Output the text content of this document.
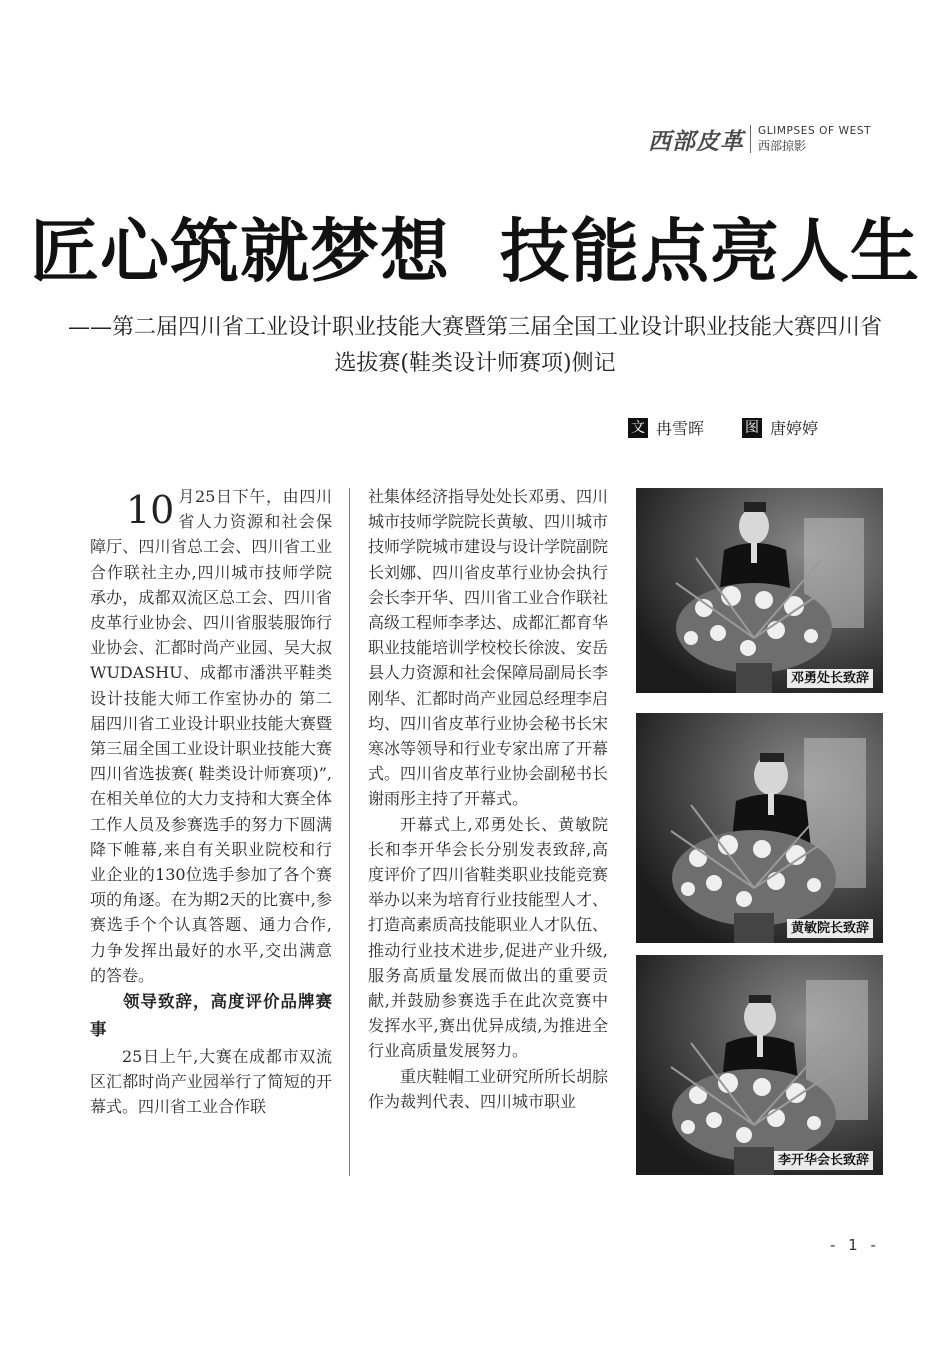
西部皮革 GLIMPSES OF WEST
西部掠影
匠心筑就梦想  技能点亮人生
——第二届四川省工业设计职业技能大赛暨第三届全国工业设计职业技能大赛四川省选拔赛(鞋类设计师赛项)侧记
文 冉雪晖	图 唐婷婷

10 月25日下午，由四川省人力资源和社会保障厅、四川省总工会、四川省工业合作联社主办,四川城市技师学院承办，成都双流区总工会、四川省皮革行业协会、四川省服装服饰行业协会、汇都时尚产业园、吴大叔WUDASHU、成都市潘洪平鞋类设计技能大师工作室协办的 第二届四川省工业设计职业技能大赛暨第三届全国工业设计职业技能大赛四川省选拔赛( 鞋类设计师赛项)”,在相关单位的大力支持和大赛全体工作人员及参赛选手的努力下圆满降下帷幕,来自有关职业院校和行业企业的130位选手参加了各个赛项的角逐。在为期2天的比赛中,参赛选手个个认真答题、通力合作,力争发挥出最好的水平,交出满意的答卷。

领导致辞，高度评价品牌赛事

25日上午,大赛在成都市双流区汇都时尚产业园举行了简短的开幕式。四川省工业合作联

社集体经济指导处处长邓勇、四川城市技师学院院长黄敏、四川城市技师学院城市建设与设计学院副院长刘娜、四川省皮革行业协会执行会长李开华、四川省工业合作联社高级工程师李孝达、成都汇都育华职业技能培训学校校长徐波、安岳县人力资源和社会保障局副局长李刚华、汇都时尚产业园总经理李启均、四川省皮革行业协会秘书长宋寒冰等领导和行业专家出席了开幕式。四川省皮革行业协会副秘书长谢雨彤主持了开幕式。

开幕式上,邓勇处长、黄敏院长和李开华会长分别发表致辞,高度评价了四川省鞋类职业技能竞赛举办以来为培育行业技能型人才、打造高素质高技能职业人才队伍、推动行业技术进步,促进产业升级,服务高质量发展而做出的重要贡献,并鼓励参赛选手在此次竞赛中发挥水平,赛出优异成绩,为推进全行业高质量发展努力。

重庆鞋帽工业研究所所长胡腙作为裁判代表、四川城市职业

邓勇处长致辞
黄敏院长致辞
李开华会长致辞
- 1 -
